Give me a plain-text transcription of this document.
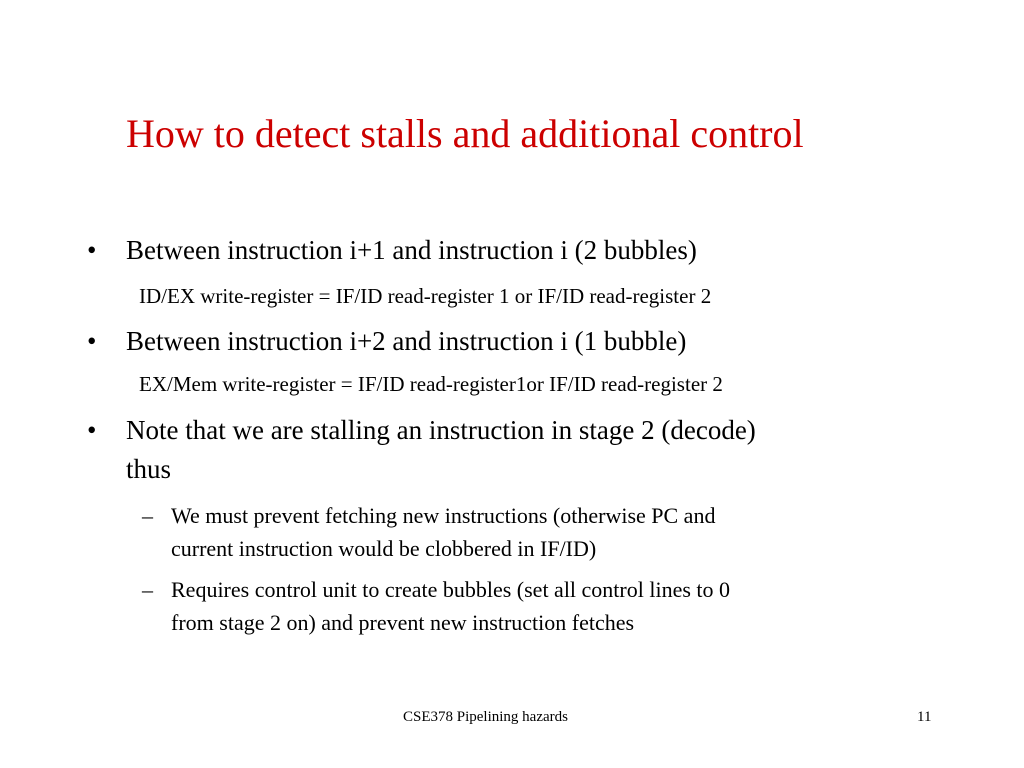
How to detect stalls and additional control
• Between instruction i+1 and instruction i (2 bubbles)
ID/EX write-register = IF/ID read-register 1 or IF/ID read-register 2
• Between instruction i+2 and instruction i (1 bubble)
EX/Mem write-register = IF/ID read-register1or IF/ID read-register 2
• Note that we are stalling an instruction in stage 2 (decode)
thus
– We must prevent fetching new instructions (otherwise PC and
current instruction would be clobbered in IF/ID)
– Requires control unit to create bubbles (set all control lines to 0
from stage 2 on) and prevent new instruction fetches
CSE378 Pipelining hazards	11
